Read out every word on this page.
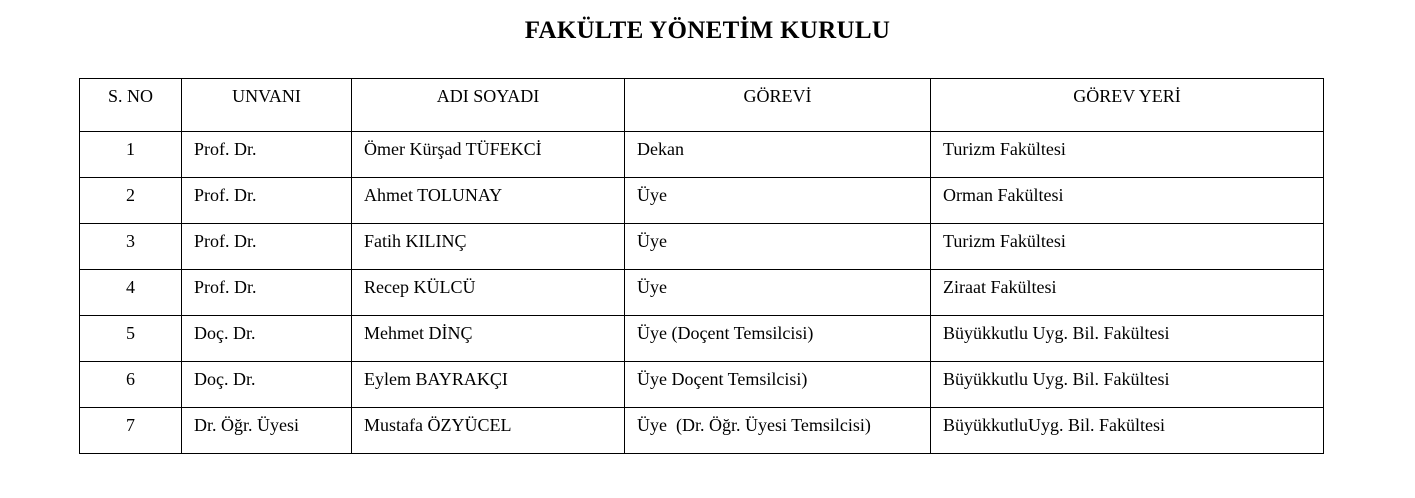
FAKÜLTE YÖNETİM KURULU
S. NO	UNVANI	ADI SOYADI	GÖREVİ	GÖREV YERİ
1	Prof. Dr.	Ömer Kürşad TÜFEKCİ	Dekan	Turizm Fakültesi
2	Prof. Dr.	Ahmet TOLUNAY	Üye	Orman Fakültesi
3	Prof. Dr.	Fatih KILINÇ	Üye	Turizm Fakültesi
4	Prof. Dr.	Recep KÜLCÜ	Üye	Ziraat Fakültesi
5	Doç. Dr.	Mehmet DİNÇ	Üye (Doçent Temsilcisi)	Büyükkutlu Uyg. Bil. Fakültesi
6	Doç. Dr.	Eylem BAYRAKÇI	Üye Doçent Temsilcisi)	Büyükkutlu Uyg. Bil. Fakültesi
7	Dr. Öğr. Üyesi	Mustafa ÖZYÜCEL	Üye  (Dr. Öğr. Üyesi Temsilcisi)	BüyükkutluUyg. Bil. Fakültesi
